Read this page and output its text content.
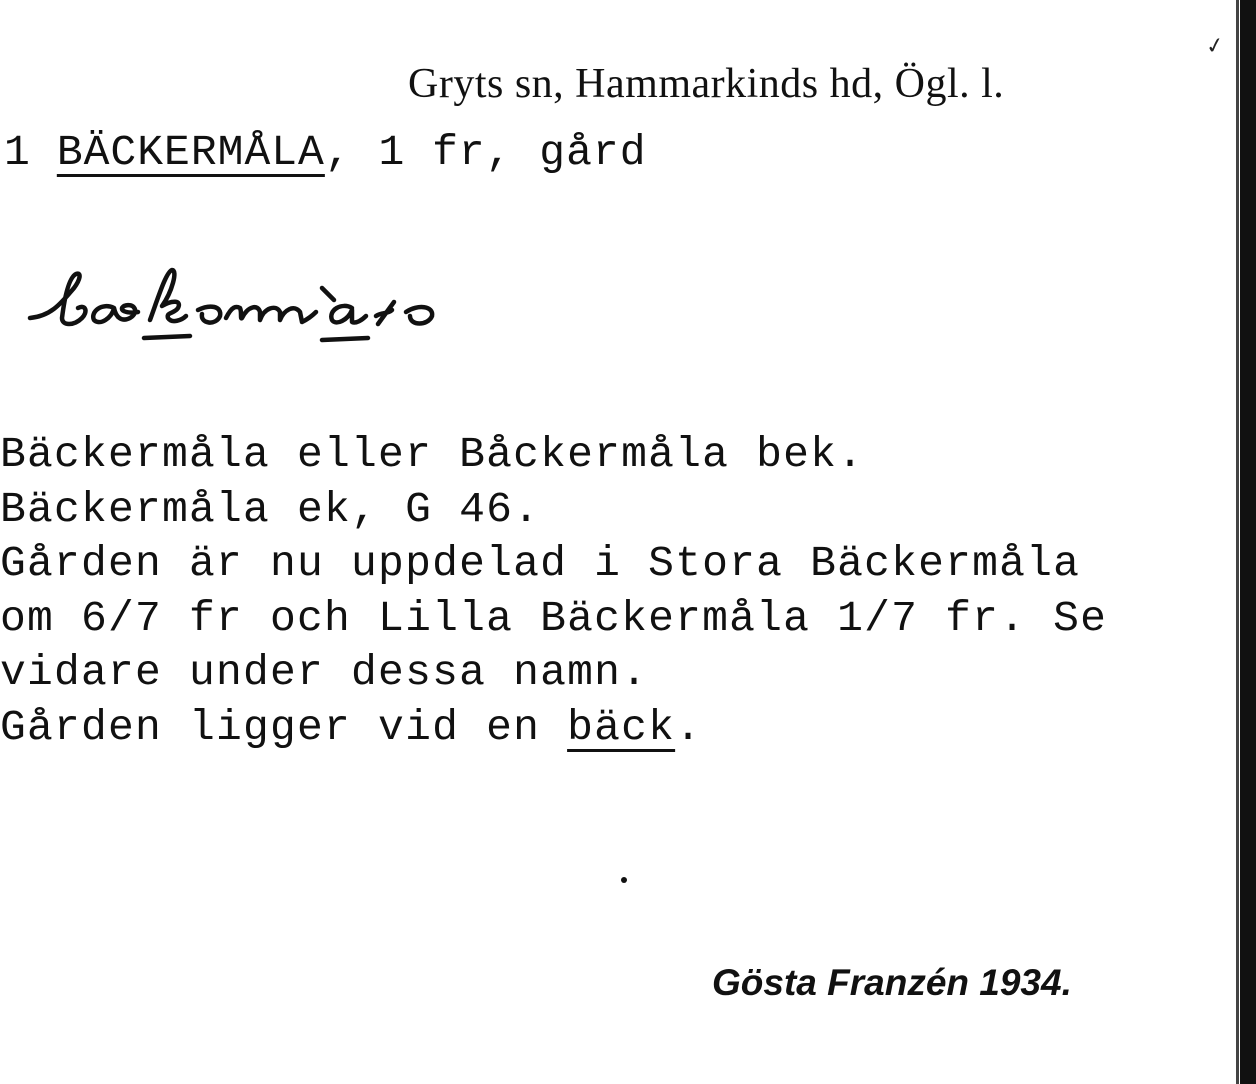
✓
Gryts sn, Hammarkinds hd, Ögl. l.
1 BÄCKERMÅLA, 1 fr, gård
Bäckermåla eller Båckermåla bek.
Bäckermåla ek, G 46.
Gården är nu uppdelad i Stora Bäckermåla
om 6/7 fr och Lilla Bäckermåla 1/7 fr. Se
vidare under dessa namn.
Gården ligger vid en bäck.
Gösta Franzén 1934.
